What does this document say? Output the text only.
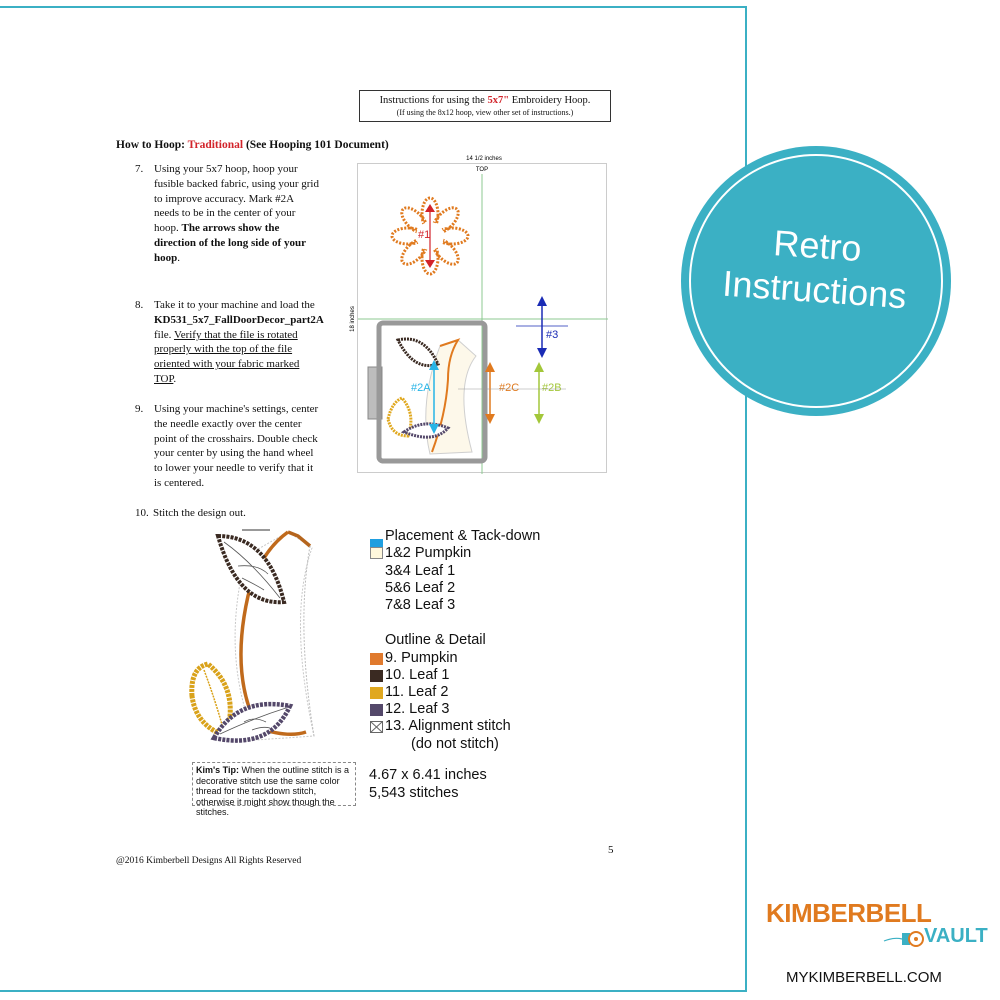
Instructions for using the 5x7" Embroidery Hoop.
(If using the 8x12 hoop, view other set of instructions.)
How to Hoop: Traditional (See Hooping 101 Document)
7. Using your 5x7 hoop, hoop your
fusible backed fabric, using your grid
to improve accuracy. Mark #2A
needs to be in the center of your
hoop. The arrows show the
direction of the long side of your
hoop.
8. Take it to your machine and load the
KD531_5x7_FallDoorDecor_part2A
file. Verify that the file is rotated
properly with the top of the file
oriented with your fabric marked
TOP.
9. Using your machine's settings, center
the needle exactly over the center
point of the crosshairs. Double check
your center by using the hand wheel
to lower your needle to verify that it
is centered.
10. Stitch the design out.
14 1/2 inches
TOP
18 inches
#1
#2A	#2C #2B
#3
Placement & Tack-down
1&2 Pumpkin
3&4 Leaf 1
5&6 Leaf 2
7&8 Leaf 3
Outline & Detail
9. Pumpkin
10. Leaf 1
11. Leaf 2
12. Leaf 3
13. Alignment stitch
(do not stitch)
Kim's Tip: When the outline stitch is a decorative stitch use the same color thread for the tackdown stitch, otherwise it might show though the stitches.
4.67 x 6.41 inches
5,543 stitches
5
@2016 Kimberbell Designs All Rights Reserved
Retro
Instructions
KIMBERBELL
VAULT
MYKIMBERBELL.COM
